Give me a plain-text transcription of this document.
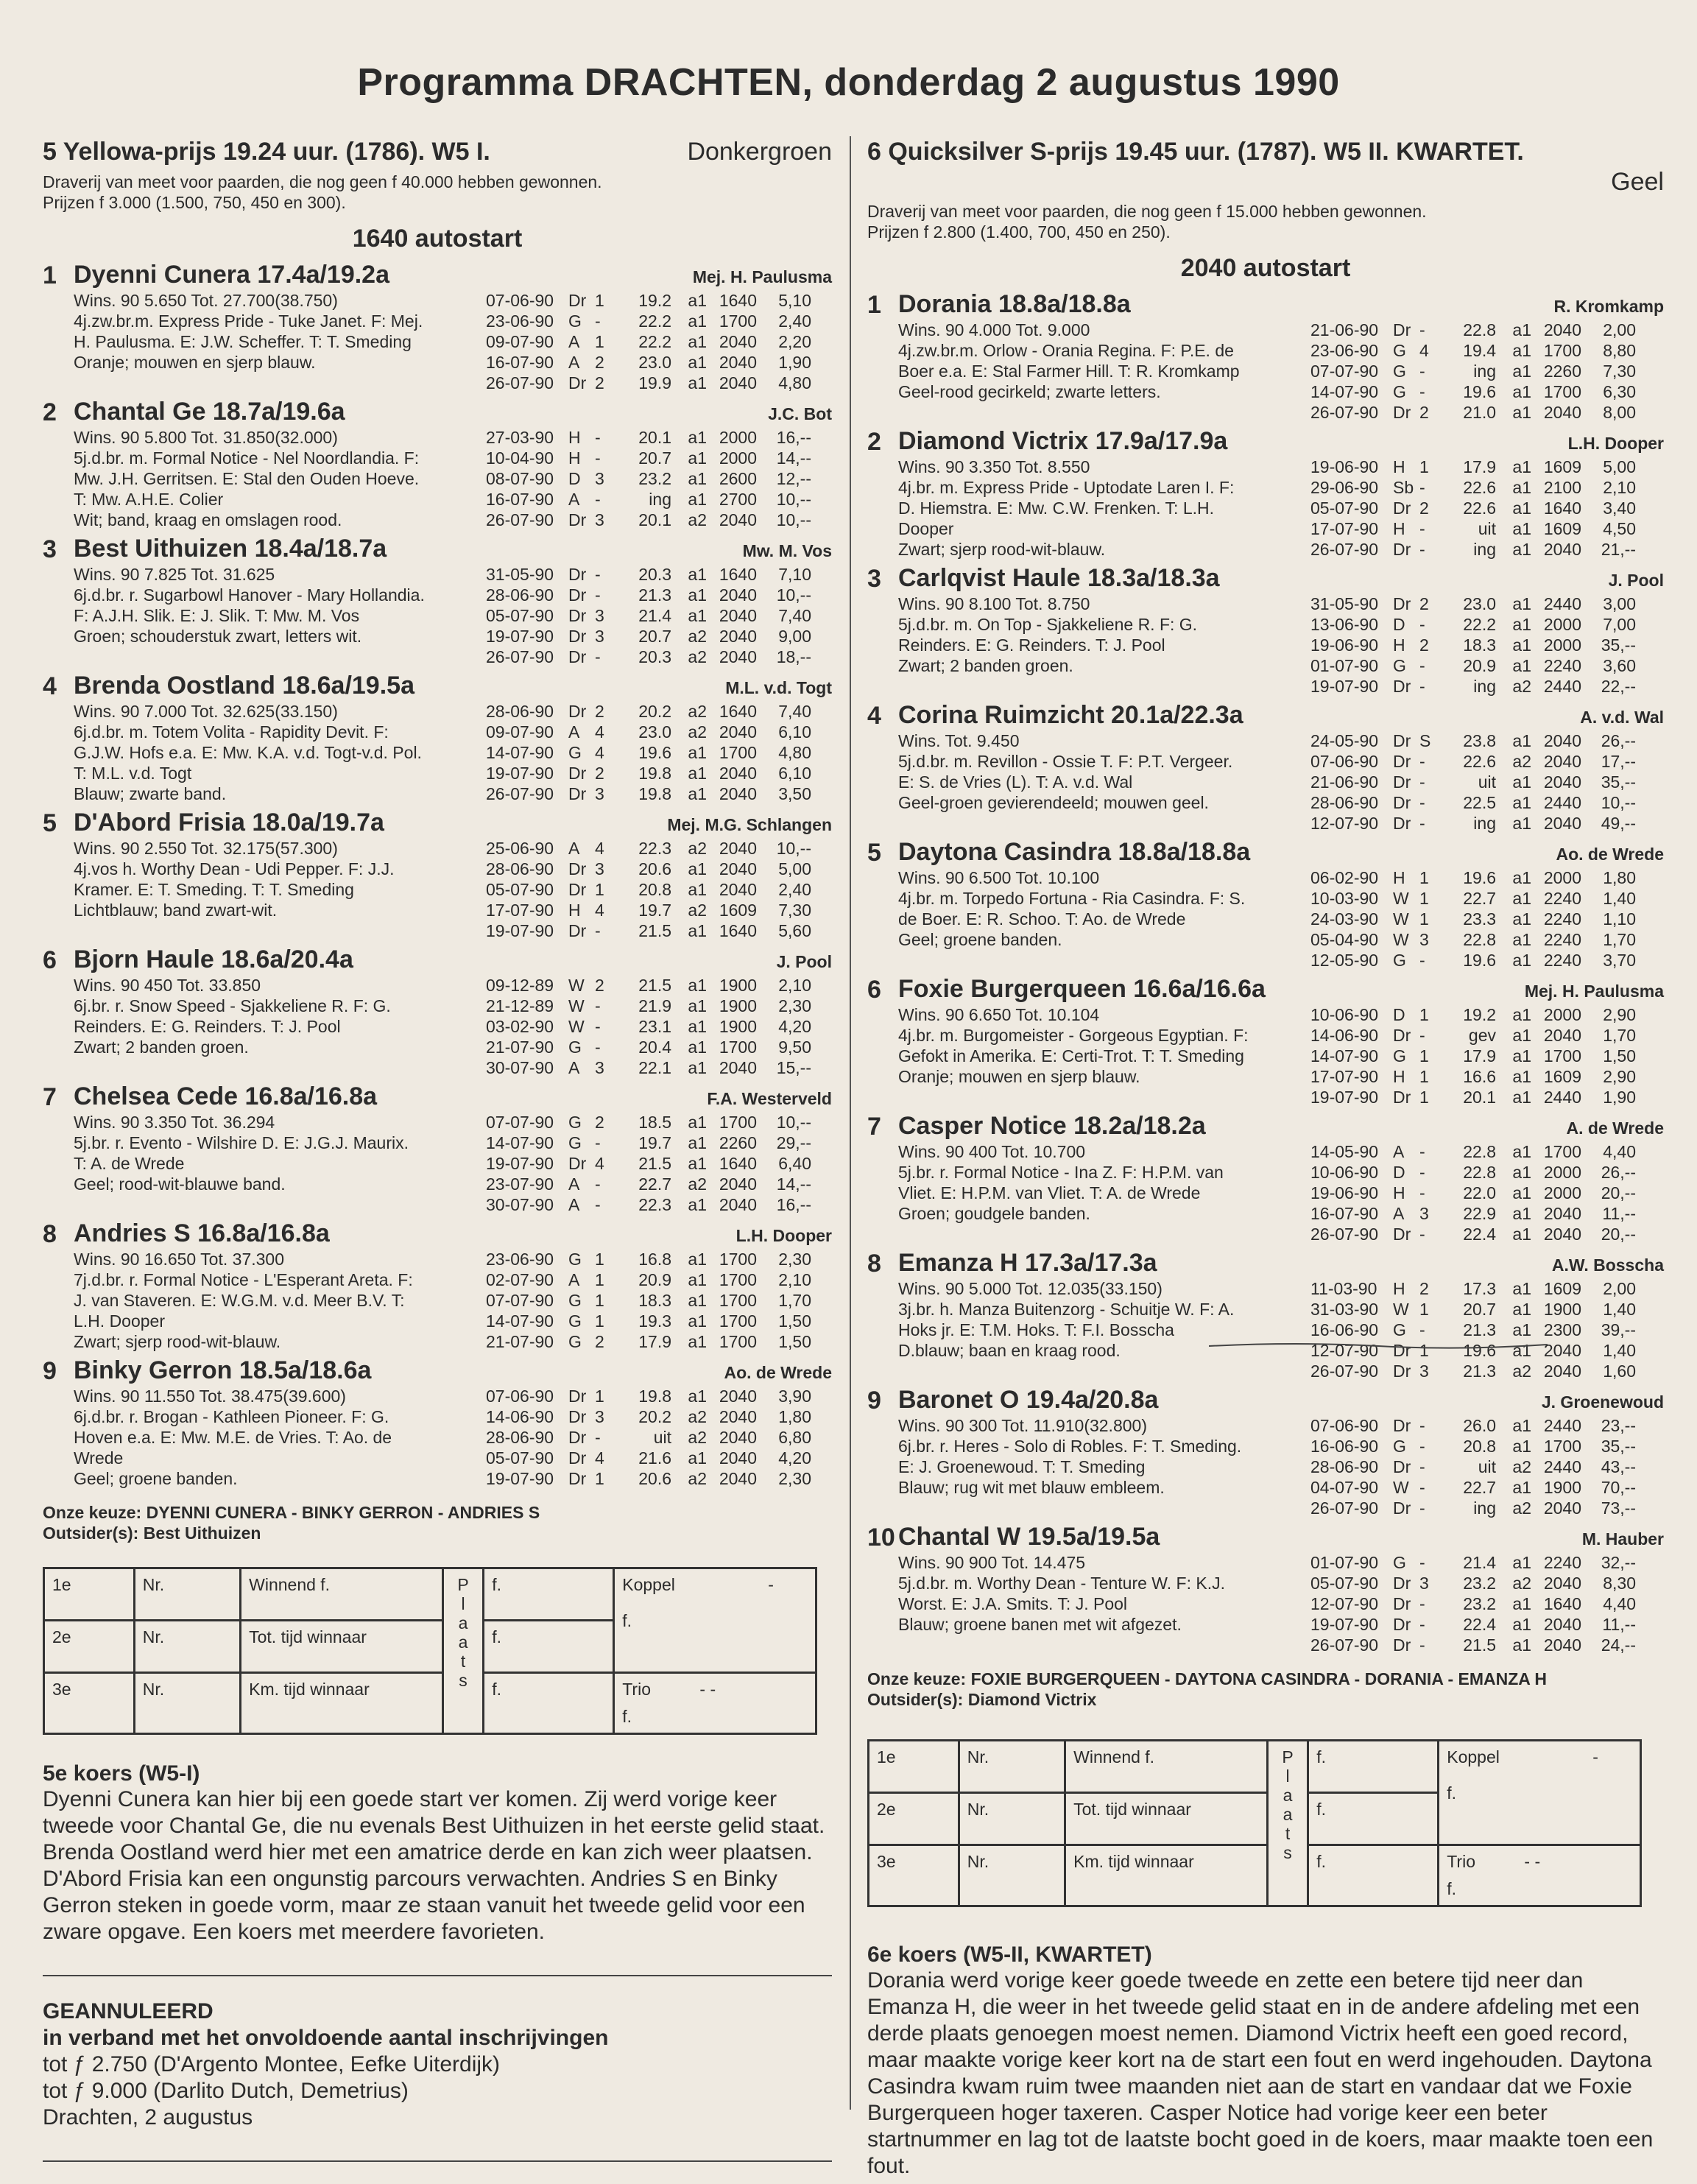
Programma DRACHTEN, donderdag 2 augustus 1990
5 Yellowa-prijs 19.24 uur. (1786). W5 I.	Donkergroen
Draverij van meet voor paarden, die nog geen f 40.000 hebben gewonnen.
Prijzen f 3.000 (1.500, 750, 450 en 300).
1640 autostart
1 Dyenni Cunera 17.4a/19.2a	Mej. H. Paulusma
Wins. 90 5.650 Tot. 27.700(38.750)
4j.zw.br.m. Express Pride - Tuke Janet. F: Mej.
H. Paulusma. E: J.W. Scheffer. T: T. Smeding
Oranje; mouwen en sjerp blauw.
07-06-90 Dr 1	19.2 a1 1640	5,10
23-06-90 G -	22.2 a1 1700	2,40
09-07-90 A 1	22.2 a1 2040	2,20
16-07-90 A 2	23.0 a1 2040	1,90
26-07-90 Dr 2	19.9 a1 2040	4,80
2 Chantal Ge 18.7a/19.6a	J.C. Bot
Wins. 90 5.800 Tot. 31.850(32.000)
5j.d.br. m. Formal Notice - Nel Noordlandia. F:
Mw. J.H. Gerritsen. E: Stal den Ouden Hoeve.
T: Mw. A.H.E. Colier
Wit; band, kraag en omslagen rood.
27-03-90 H -	20.1 a1 2000	16,--
10-04-90 H -	20.7 a1 2000	14,--
08-07-90 D 3	23.2 a1 2600	12,--
16-07-90 A -	ing a1 2700	10,--
26-07-90 Dr 3	20.1 a2 2040	10,--
3 Best Uithuizen 18.4a/18.7a	Mw. M. Vos
Wins. 90 7.825 Tot. 31.625
6j.d.br. r. Sugarbowl Hanover - Mary Hollandia.
F: A.J.H. Slik. E: J. Slik. T: Mw. M. Vos
Groen; schouderstuk zwart, letters wit.
31-05-90 Dr -	20.3 a1 1640	7,10
28-06-90 Dr -	21.3 a1 2040	10,--
05-07-90 Dr 3	21.4 a1 2040	7,40
19-07-90 Dr 3	20.7 a2 2040	9,00
26-07-90 Dr -	20.3 a2 2040	18,--
4 Brenda Oostland 18.6a/19.5a	M.L. v.d. Togt
Wins. 90 7.000 Tot. 32.625(33.150)
6j.d.br. m. Totem Volita - Rapidity Devit. F:
G.J.W. Hofs e.a. E: Mw. K.A. v.d. Togt-v.d. Pol.
T: M.L. v.d. Togt
Blauw; zwarte band.
28-06-90 Dr 2	20.2 a2 1640	7,40
09-07-90 A 4	23.0 a2 2040	6,10
14-07-90 G 4	19.6 a1 1700	4,80
19-07-90 Dr 2	19.8 a1 2040	6,10
26-07-90 Dr 3	19.8 a1 2040	3,50
5 D'Abord Frisia 18.0a/19.7a	Mej. M.G. Schlangen
Wins. 90 2.550 Tot. 32.175(57.300)
4j.vos h. Worthy Dean - Udi Pepper. F: J.J.
Kramer. E: T. Smeding. T: T. Smeding
Lichtblauw; band zwart-wit.
25-06-90 A 4	22.3 a2 2040	10,--
28-06-90 Dr 3	20.6 a1 2040	5,00
05-07-90 Dr 1	20.8 a1 2040	2,40
17-07-90 H 4	19.7 a2 1609	7,30
19-07-90 Dr -	21.5 a1 1640	5,60
6 Bjorn Haule 18.6a/20.4a	J. Pool
Wins. 90 450 Tot. 33.850
6j.br. r. Snow Speed - Sjakkeliene R. F: G.
Reinders. E: G. Reinders. T: J. Pool
Zwart; 2 banden groen.
09-12-89 W 2	21.5 a1 1900	2,10
21-12-89 W -	21.9 a1 1900	2,30
03-02-90 W -	23.1 a1 1900	4,20
21-07-90 G -	20.4 a1 1700	9,50
30-07-90 A 3	22.1 a1 2040	15,--
7 Chelsea Cede 16.8a/16.8a	F.A. Westerveld
Wins. 90 3.350 Tot. 36.294
5j.br. r. Evento - Wilshire D. E: J.G.J. Maurix.
T: A. de Wrede
Geel; rood-wit-blauwe band.
07-07-90 G 2	18.5 a1 1700	10,--
14-07-90 G -	19.7 a1 2260	29,--
19-07-90 Dr 4	21.5 a1 1640	6,40
23-07-90 A -	22.7 a2 2040	14,--
30-07-90 A -	22.3 a1 2040	16,--
8 Andries S 16.8a/16.8a	L.H. Dooper
Wins. 90 16.650 Tot. 37.300
7j.d.br. r. Formal Notice - L'Esperant Areta. F:
J. van Staveren. E: W.G.M. v.d. Meer B.V. T:
L.H. Dooper
Zwart; sjerp rood-wit-blauw.
23-06-90 G 1	16.8 a1 1700	2,30
02-07-90 A 1	20.9 a1 1700	2,10
07-07-90 G 1	18.3 a1 1700	1,70
14-07-90 G 1	19.3 a1 1700	1,50
21-07-90 G 2	17.9 a1 1700	1,50
9 Binky Gerron 18.5a/18.6a	Ao. de Wrede
Wins. 90 11.550 Tot. 38.475(39.600)
6j.d.br. r. Brogan - Kathleen Pioneer. F: G.
Hoven e.a. E: Mw. M.E. de Vries. T: Ao. de
Wrede
Geel; groene banden.
07-06-90 Dr 1	19.8 a1 2040	3,90
14-06-90 Dr 3	20.2 a2 2040	1,80
28-06-90 Dr -	uit a2 2040	6,80
05-07-90 Dr 4	21.6 a1 2040	4,20
19-07-90 Dr 1	20.6 a2 2040	2,30
Onze keuze: DYENNI CUNERA - BINKY GERRON - ANDRIES S
Outsider(s): Best Uithuizen
1e	Nr.	Winnend f.	Plaats	f.	Koppel -
f.

2e	Nr.	Tot. tijd winnaar		f.	
3e	Nr.	Km. tijd winnaar		f.	Trio - -
f.
5e koers (W5-I)
Dyenni Cunera kan hier bij een goede start ver komen. Zij werd vorige keer tweede voor Chantal Ge, die nu evenals Best Uithuizen in het eerste gelid staat. Brenda Oostland werd hier met een amatrice derde en kan zich weer plaatsen. D'Abord Frisia kan een ongunstig parcours verwachten. Andries S en Binky Gerron steken in goede vorm, maar ze staan vanuit het tweede gelid voor een zware opgave. Een koers met meerdere favorieten.
GEANNULEERD
in verband met het onvoldoende aantal inschrijvingen
tot ƒ 2.750 (D'Argento Montee, Eefke Uiterdijk)
tot ƒ 9.000 (Darlito Dutch, Demetrius)
Drachten, 2 augustus
6 Quicksilver S-prijs 19.45 uur. (1787). W5 II. KWARTET.
Geel
Draverij van meet voor paarden, die nog geen f 15.000 hebben gewonnen.
Prijzen f 2.800 (1.400, 700, 450 en 250).
2040 autostart
1 Dorania 18.8a/18.8a	R. Kromkamp
Wins. 90 4.000 Tot. 9.000
4j.zw.br.m. Orlow - Orania Regina. F: P.E. de
Boer e.a. E: Stal Farmer Hill. T: R. Kromkamp
Geel-rood gecirkeld; zwarte letters.
21-06-90 Dr -	22.8 a1 2040	2,00
23-06-90 G 4	19.4 a1 1700	8,80
07-07-90 G -	ing a1 2260	7,30
14-07-90 G -	19.6 a1 1700	6,30
26-07-90 Dr 2	21.0 a1 2040	8,00
2 Diamond Victrix 17.9a/17.9a	L.H. Dooper
Wins. 90 3.350 Tot. 8.550
4j.br. m. Express Pride - Uptodate Laren I. F:
D. Hiemstra. E: Mw. C.W. Frenken. T: L.H.
Dooper
Zwart; sjerp rood-wit-blauw.
19-06-90 H 1	17.9 a1 1609	5,00
29-06-90 Sb -	22.6 a1 2100	2,10
05-07-90 Dr 2	22.6 a1 1640	3,40
17-07-90 H -	uit a1 1609	4,50
26-07-90 Dr -	ing a1 2040	21,--
3 Carlqvist Haule 18.3a/18.3a	J. Pool
Wins. 90 8.100 Tot. 8.750
5j.d.br. m. On Top - Sjakkeliene R. F: G.
Reinders. E: G. Reinders. T: J. Pool
Zwart; 2 banden groen.
31-05-90 Dr 2	23.0 a1 2440	3,00
13-06-90 D -	22.2 a1 2000	7,00
19-06-90 H 2	18.3 a1 2000	35,--
01-07-90 G -	20.9 a1 2240	3,60
19-07-90 Dr -	ing a2 2440	22,--
4 Corina Ruimzicht 20.1a/22.3a	A. v.d. Wal
Wins. Tot. 9.450
5j.d.br. m. Revillon - Ossie T. F: P.T. Vergeer.
E: S. de Vries (L). T: A. v.d. Wal
Geel-groen gevierendeeld; mouwen geel.
24-05-90 Dr S	23.8 a1 2040	26,--
07-06-90 Dr -	22.6 a2 2040	17,--
21-06-90 Dr -	uit a1 2040	35,--
28-06-90 Dr -	22.5 a1 2440	10,--
12-07-90 Dr -	ing a1 2040	49,--
5 Daytona Casindra 18.8a/18.8a	Ao. de Wrede
Wins. 90 6.500 Tot. 10.100
4j.br. m. Torpedo Fortuna - Ria Casindra. F: S.
de Boer. E: R. Schoo. T: Ao. de Wrede
Geel; groene banden.
06-02-90 H 1	19.6 a1 2000	1,80
10-03-90 W 1	22.7 a1 2240	1,40
24-03-90 W 1	23.3 a1 2240	1,10
05-04-90 W 3	22.8 a1 2240	1,70
12-05-90 G -	19.6 a1 2240	3,70
6 Foxie Burgerqueen 16.6a/16.6a	Mej. H. Paulusma
Wins. 90 6.650 Tot. 10.104
4j.br. m. Burgomeister - Gorgeous Egyptian. F:
Gefokt in Amerika. E: Certi-Trot. T: T. Smeding
Oranje; mouwen en sjerp blauw.
10-06-90 D 1	19.2 a1 2000	2,90
14-06-90 Dr -	gev a1 2040	1,70
14-07-90 G 1	17.9 a1 1700	1,50
17-07-90 H 1	16.6 a1 1609	2,90
19-07-90 Dr 1	20.1 a1 2440	1,90
7 Casper Notice 18.2a/18.2a	A. de Wrede
Wins. 90 400 Tot. 10.700
5j.br. r. Formal Notice - Ina Z. F: H.P.M. van
Vliet. E: H.P.M. van Vliet. T: A. de Wrede
Groen; goudgele banden.
14-05-90 A -	22.8 a1 1700	4,40
10-06-90 D -	22.8 a1 2000	26,--
19-06-90 H -	22.0 a1 2000	20,--
16-07-90 A 3	22.9 a1 2040	11,--
26-07-90 Dr -	22.4 a1 2040	20,--
8 Emanza H 17.3a/17.3a	A.W. Bosscha
Wins. 90 5.000 Tot. 12.035(33.150)
3j.br. h. Manza Buitenzorg - Schuitje W. F: A.
Hoks jr. E: T.M. Hoks. T: F.I. Bosscha
D.blauw; baan en kraag rood.
11-03-90 H 2	17.3 a1 1609	2,00
31-03-90 W 1	20.7 a1 1900	1,40
16-06-90 G -	21.3 a1 2300	39,--
12-07-90 Dr 1	19.6 a1 2040	1,40
26-07-90 Dr 3	21.3 a2 2040	1,60
9 Baronet O 19.4a/20.8a	J. Groenewoud
Wins. 90 300 Tot. 11.910(32.800)
6j.br. r. Heres - Solo di Robles. F: T. Smeding.
E: J. Groenewoud. T: T. Smeding
Blauw; rug wit met blauw embleem.
07-06-90 Dr -	26.0 a1 2440	23,--
16-06-90 G -	20.8 a1 1700	35,--
28-06-90 Dr -	uit a2 2440	43,--
04-07-90 W -	22.7 a1 1900	70,--
26-07-90 Dr -	ing a2 2040	73,--
10 Chantal W 19.5a/19.5a	M. Hauber
Wins. 90 900 Tot. 14.475
5j.d.br. m. Worthy Dean - Tenture W. F: K.J.
Worst. E: J.A. Smits. T: J. Pool
Blauw; groene banen met wit afgezet.
01-07-90 G -	21.4 a1 2240	32,--
05-07-90 Dr 3	23.2 a2 2040	8,30
12-07-90 Dr -	23.2 a1 1640	4,40
19-07-90 Dr -	22.4 a1 2040	11,--
26-07-90 Dr -	21.5 a1 2040	24,--
Onze keuze: FOXIE BURGERQUEEN - DAYTONA CASINDRA - DORANIA - EMANZA H
Outsider(s): Diamond Victrix
1e	Nr.	Winnend f.	Plaats	f.	Koppel -
f.

2e	Nr.	Tot. tijd winnaar		f.	
3e	Nr.	Km. tijd winnaar		f.	Trio - -
f.
6e koers (W5-II, KWARTET)
Dorania werd vorige keer goede tweede en zette een betere tijd neer dan Emanza H, die weer in het tweede gelid staat en in de andere afdeling met een derde plaats genoegen moest nemen. Diamond Victrix heeft een goed record, maar maakte vorige keer kort na de start een fout en werd ingehouden. Daytona Casindra kwam ruim twee maanden niet aan de start en vandaar dat we Foxie Burgerqueen hoger taxeren. Casper Notice had vorige keer een beter startnummer en lag tot de laatste bocht goed in de koers, maar maakte toen een fout.
